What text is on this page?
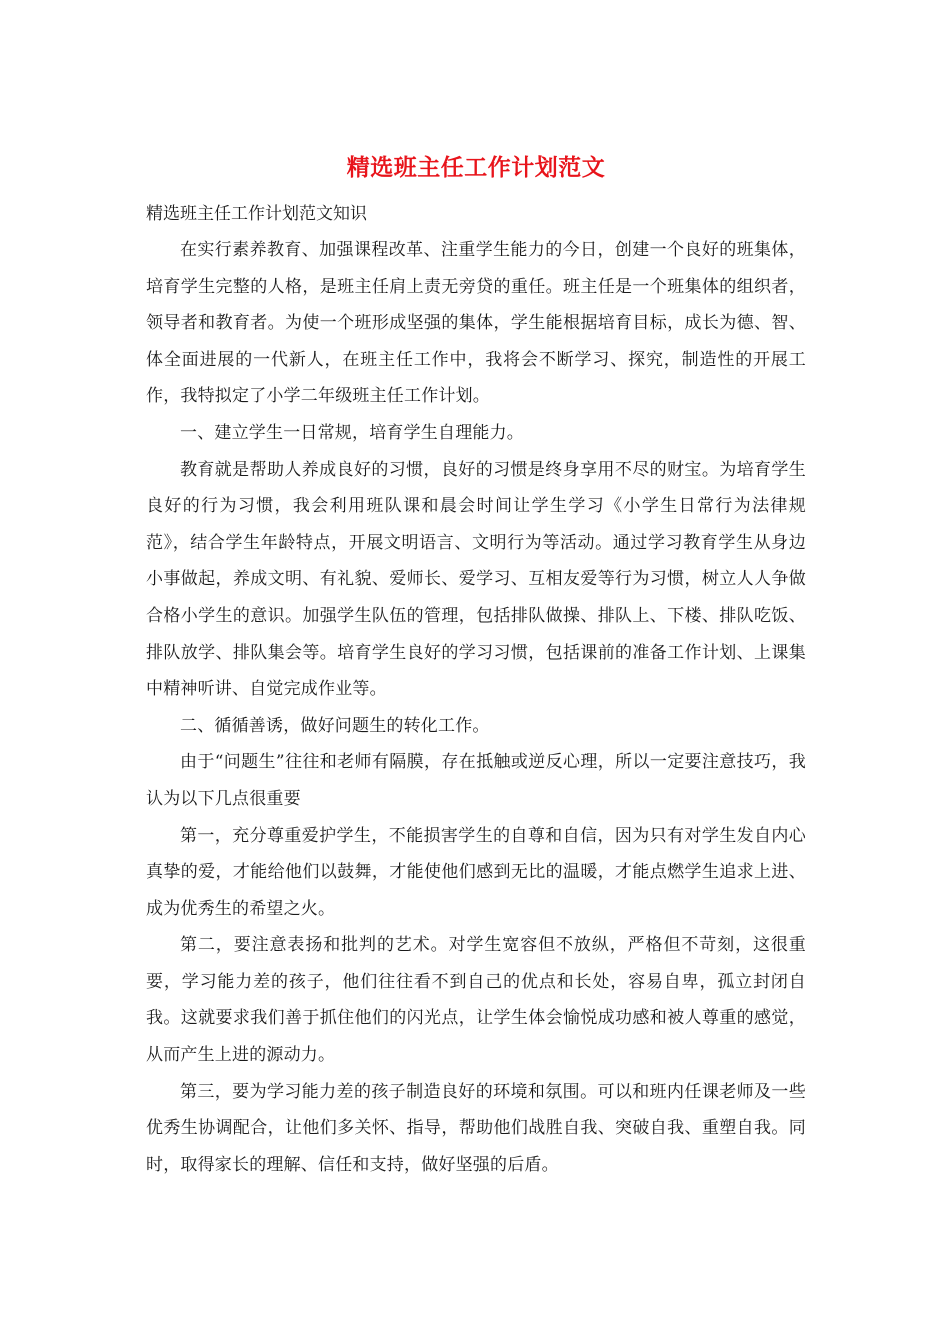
精选班主任工作计划范文

精选班主任工作计划范文知识

在实行素养教育、加强课程改革、注重学生能力的今日，创建一个良好的班集体，培育学生完整的人格，是班主任肩上责无旁贷的重任。班主任是一个班集体的组织者，领导者和教育者。为使一个班形成坚强的集体，学生能根据培育目标，成长为德、智、体全面进展的一代新人，在班主任工作中，我将会不断学习、探究，制造性的开展工作，我特拟定了小学二年级班主任工作计划。

一、建立学生一日常规，培育学生自理能力。

教育就是帮助人养成良好的习惯，良好的习惯是终身享用不尽的财宝。为培育学生良好的行为习惯，我会利用班队课和晨会时间让学生学习《小学生日常行为法律规范》，结合学生年龄特点，开展文明语言、文明行为等活动。通过学习教育学生从身边小事做起，养成文明、有礼貌、爱师长、爱学习、互相友爱等行为习惯，树立人人争做合格小学生的意识。加强学生队伍的管理，包括排队做操、排队上、下楼、排队吃饭、排队放学、排队集会等。培育学生良好的学习习惯，包括课前的准备工作计划、上课集中精神听讲、自觉完成作业等。

二、循循善诱，做好问题生的转化工作。

由于“问题生”往往和老师有隔膜，存在抵触或逆反心理，所以一定要注意技巧，我认为以下几点很重要

第一，充分尊重爱护学生，不能损害学生的自尊和自信，因为只有对学生发自内心真挚的爱，才能给他们以鼓舞，才能使他们感到无比的温暖，才能点燃学生追求上进、成为优秀生的希望之火。

第二，要注意表扬和批判的艺术。对学生宽容但不放纵，严格但不苛刻，这很重要，学习能力差的孩子，他们往往看不到自己的优点和长处，容易自卑，孤立封闭自我。这就要求我们善于抓住他们的闪光点，让学生体会愉悦成功感和被人尊重的感觉，从而产生上进的源动力。

第三，要为学习能力差的孩子制造良好的环境和氛围。可以和班内任课老师及一些优秀生协调配合，让他们多关怀、指导，帮助他们战胜自我、突破自我、重塑自我。同时，取得家长的理解、信任和支持，做好坚强的后盾。
